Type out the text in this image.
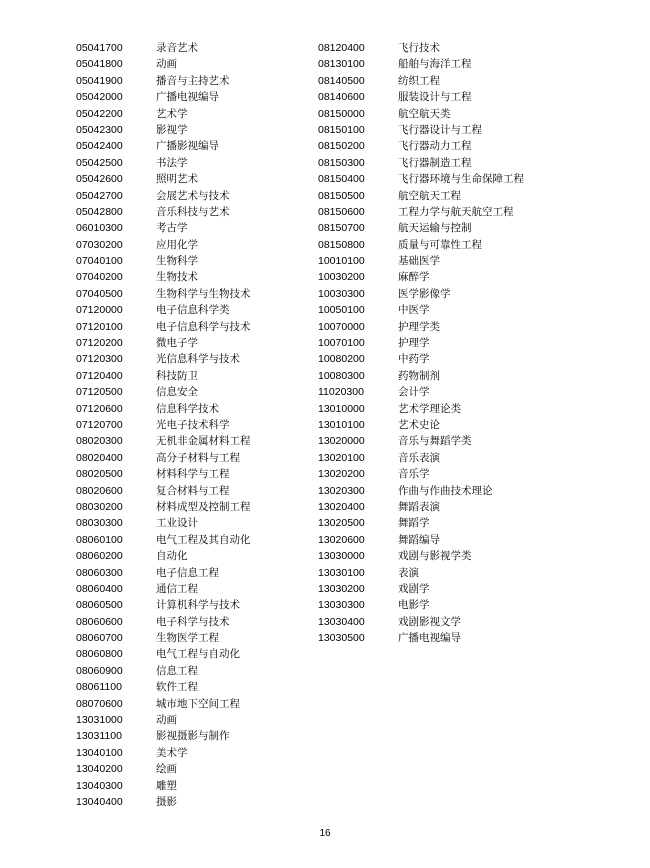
05041700	录音艺术
05041800	动画
05041900	播音与主持艺术
05042000	广播电视编导
05042200	艺术学
05042300	影视学
05042400	广播影视编导
05042500	书法学
05042600	照明艺术
05042700	会展艺术与技术
05042800	音乐科技与艺术
06010300	考古学
07030200	应用化学
07040100	生物科学
07040200	生物技术
07040500	生物科学与生物技术
07120000	电子信息科学类
07120100	电子信息科学与技术
07120200	微电子学
07120300	光信息科学与技术
07120400	科技防卫
07120500	信息安全
07120600	信息科学技术
07120700	光电子技术科学
08020300	无机非金属材料工程
08020400	高分子材料与工程
08020500	材料科学与工程
08020600	复合材料与工程
08030200	材料成型及控制工程
08030300	工业设计
08060100	电气工程及其自动化
08060200	自动化
08060300	电子信息工程
08060400	通信工程
08060500	计算机科学与技术
08060600	电子科学与技术
08060700	生物医学工程
08060800	电气工程与自动化
08060900	信息工程
08061100	软件工程
08070600	城市地下空间工程
13031000	动画
13031100	影视摄影与制作
13040100	美术学
13040200	绘画
13040300	雕塑
13040400	摄影
08120400	飞行技术
08130100	船舶与海洋工程
08140500	纺织工程
08140600	服装设计与工程
08150000	航空航天类
08150100	飞行器设计与工程
08150200	飞行器动力工程
08150300	飞行器制造工程
08150400	飞行器环境与生命保障工程
08150500	航空航天工程
08150600	工程力学与航天航空工程
08150700	航天运输与控制
08150800	质量与可靠性工程
10010100	基础医学
10030200	麻醉学
10030300	医学影像学
10050100	中医学
10070000	护理学类
10070100	护理学
10080200	中药学
10080300	药物制剂
11020300	会计学
13010000	艺术学理论类
13010100	艺术史论
13020000	音乐与舞蹈学类
13020100	音乐表演
13020200	音乐学
13020300	作曲与作曲技术理论
13020400	舞蹈表演
13020500	舞蹈学
13020600	舞蹈编导
13030000	戏剧与影视学类
13030100	表演
13030200	戏剧学
13030300	电影学
13030400	戏剧影视文学
13030500	广播电视编导
16
